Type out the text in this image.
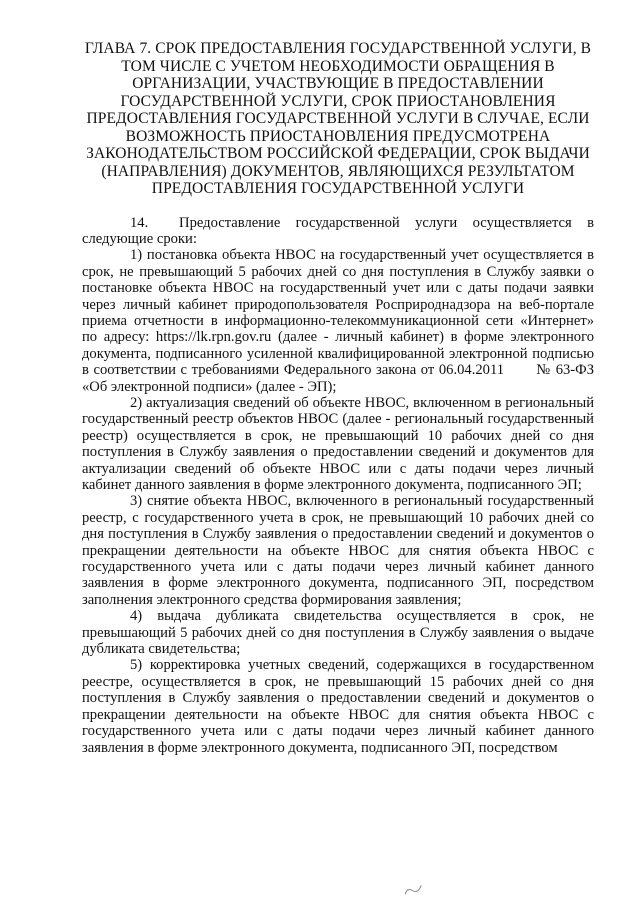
ГЛАВА 7. СРОК ПРЕДОСТАВЛЕНИЯ ГОСУДАРСТВЕННОЙ УСЛУГИ, В
ТОМ ЧИСЛЕ С УЧЕТОМ НЕОБХОДИМОСТИ ОБРАЩЕНИЯ В
ОРГАНИЗАЦИИ, УЧАСТВУЮЩИЕ В ПРЕДОСТАВЛЕНИИ
ГОСУДАРСТВЕННОЙ УСЛУГИ, СРОК ПРИОСТАНОВЛЕНИЯ
ПРЕДОСТАВЛЕНИЯ ГОСУДАРСТВЕННОЙ УСЛУГИ В СЛУЧАЕ, ЕСЛИ
ВОЗМОЖНОСТЬ ПРИОСТАНОВЛЕНИЯ ПРЕДУСМОТРЕНА
ЗАКОНОДАТЕЛЬСТВОМ РОССИЙСКОЙ ФЕДЕРАЦИИ, СРОК ВЫДАЧИ
(НАПРАВЛЕНИЯ) ДОКУМЕНТОВ, ЯВЛЯЮЩИХСЯ РЕЗУЛЬТАТОМ
ПРЕДОСТАВЛЕНИЯ ГОСУДАРСТВЕННОЙ УСЛУГИ

14.  Предоставление государственной услуги осуществляется в следующие сроки:

1) постановка объекта НВОС на государственный учет осуществляется в срок, не превышающий 5 рабочих дней со дня поступления в Службу заявки о постановке объекта НВОС на государственный учет или с даты подачи заявки через личный кабинет природопользователя Росприроднадзора на веб-портале приема отчетности в информационно-телекоммуникационной сети «Интернет» по адресу: https://lk.rpn.gov.ru (далее - личный кабинет) в форме электронного документа, подписанного усиленной квалифицированной электронной подписью в соответствии с требованиями Федерального закона от 06.04.2011       № 63-ФЗ «Об электронной подписи» (далее - ЭП);

2) актуализация сведений об объекте НВОС, включенном в региональный государственный реестр объектов НВОС (далее - региональный государственный реестр) осуществляется в срок, не превышающий 10 рабочих дней со дня поступления в Службу заявления о предоставлении сведений и документов для актуализации сведений об объекте НВОС или с даты подачи через личный кабинет данного заявления в форме электронного документа, подписанного ЭП;

3) снятие объекта НВОС, включенного в региональный государственный реестр, с государственного учета в срок, не превышающий 10 рабочих дней со дня поступления в Службу заявления о предоставлении сведений и документов о прекращении деятельности на объекте НВОС для снятия объекта НВОС с государственного учета или с даты подачи через личный кабинет данного заявления в форме электронного документа, подписанного ЭП, посредством заполнения электронного средства формирования заявления;

4) выдача дубликата свидетельства осуществляется в срок, не превышающий 5 рабочих дней со дня поступления в Службу заявления о выдаче дубликата свидетельства;

5) корректировка учетных сведений, содержащихся в государственном реестре, осуществляется в срок, не превышающий 15 рабочих дней со дня поступления в Службу заявления о предоставлении сведений и документов о прекращении деятельности на объекте НВОС для снятия объекта НВОС с государственного учета или с даты подачи через личный кабинет данного заявления в форме электронного документа, подписанного ЭП, посредством
